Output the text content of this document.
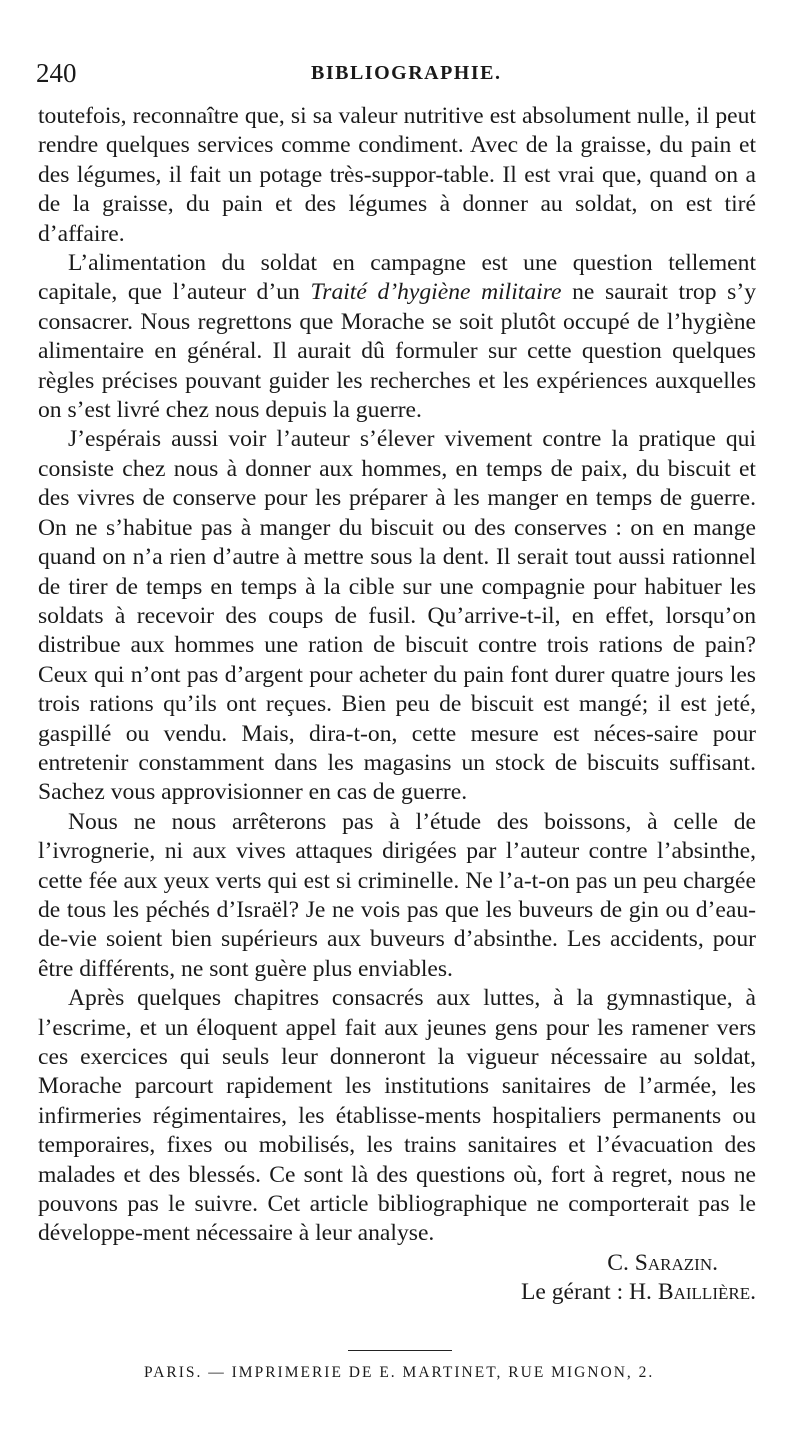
240	BIBLIOGRAPHIE.

toutefois, reconnaître que, si sa valeur nutritive est absolument nulle, il peut rendre quelques services comme condiment. Avec de la graisse, du pain et des légumes, il fait un potage très-suppor-table. Il est vrai que, quand on a de la graisse, du pain et des légumes à donner au soldat, on est tiré d’affaire.

L’alimentation du soldat en campagne est une question tellement capitale, que l’auteur d’un Traité d’hygiène militaire ne saurait trop s’y consacrer. Nous regrettons que Morache se soit plutôt occupé de l’hygiène alimentaire en général. Il aurait dû formuler sur cette question quelques règles précises pouvant guider les recherches et les expériences auxquelles on s’est livré chez nous depuis la guerre.

J’espérais aussi voir l’auteur s’élever vivement contre la pratique qui consiste chez nous à donner aux hommes, en temps de paix, du biscuit et des vivres de conserve pour les préparer à les manger en temps de guerre. On ne s’habitue pas à manger du biscuit ou des conserves : on en mange quand on n’a rien d’autre à mettre sous la dent. Il serait tout aussi rationnel de tirer de temps en temps à la cible sur une compagnie pour habituer les soldats à recevoir des coups de fusil. Qu’arrive-t-il, en effet, lorsqu’on distribue aux hommes une ration de biscuit contre trois rations de pain? Ceux qui n’ont pas d’argent pour acheter du pain font durer quatre jours les trois rations qu’ils ont reçues. Bien peu de biscuit est mangé; il est jeté, gaspillé ou vendu. Mais, dira-t-on, cette mesure est néces-saire pour entretenir constamment dans les magasins un stock de biscuits suffisant. Sachez vous approvisionner en cas de guerre.

Nous ne nous arrêterons pas à l’étude des boissons, à celle de l’ivrognerie, ni aux vives attaques dirigées par l’auteur contre l’absinthe, cette fée aux yeux verts qui est si criminelle. Ne l’a-t-on pas un peu chargée de tous les péchés d’Israël? Je ne vois pas que les buveurs de gin ou d’eau-de-vie soient bien supérieurs aux buveurs d’absinthe. Les accidents, pour être différents, ne sont guère plus enviables.

Après quelques chapitres consacrés aux luttes, à la gymnastique, à l’escrime, et un éloquent appel fait aux jeunes gens pour les ramener vers ces exercices qui seuls leur donneront la vigueur nécessaire au soldat, Morache parcourt rapidement les institutions sanitaires de l’armée, les infirmeries régimentaires, les établisse-ments hospitaliers permanents ou temporaires, fixes ou mobilisés, les trains sanitaires et l’évacuation des malades et des blessés. Ce sont là des questions où, fort à regret, nous ne pouvons pas le suivre. Cet article bibliographique ne comporterait pas le développe-ment nécessaire à leur analyse.

C. Sarazin.

Le gérant : H. Baillière.

PARIS. — IMPRIMERIE DE E. MARTINET, RUE MIGNON, 2.
